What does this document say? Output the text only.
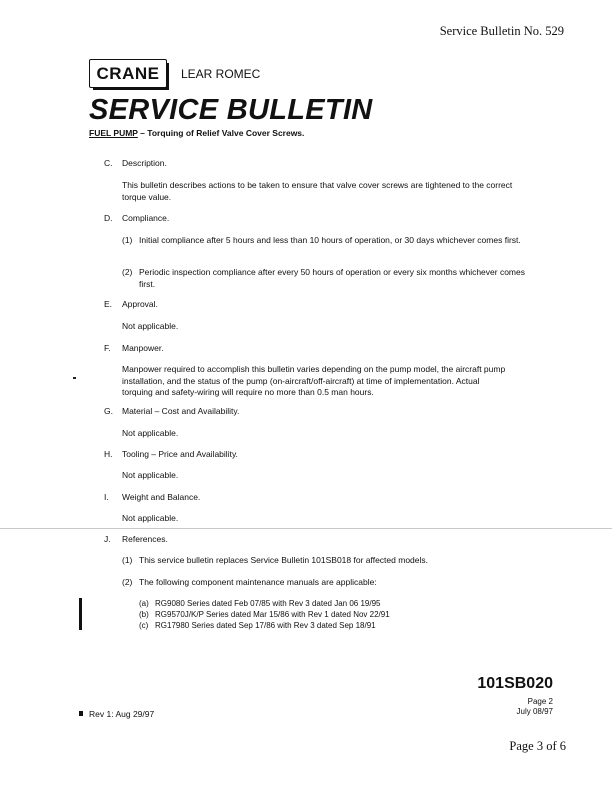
Service Bulletin No. 529
CRANE	LEAR ROMEC
SERVICE BULLETIN
FUEL PUMP – Torquing of Relief Valve Cover Screws.
C. Description.
This bulletin describes actions to be taken to ensure that valve cover screws are tightened to the correct torque value.
D. Compliance.
(1) Initial compliance after 5 hours and less than 10 hours of operation, or 30 days whichever comes first.
(2) Periodic inspection compliance after every 50 hours of operation or every six months whichever comes first.
E. Approval.
Not applicable.
F. Manpower.
Manpower required to accomplish this bulletin varies depending on the pump model, the aircraft pump installation, and the status of the pump (on-aircraft/off-aircraft) at time of implementation. Actual torquing and safety-wiring will require no more than 0.5 man hours.
G. Material – Cost and Availability.
Not applicable.
H. Tooling – Price and Availability.
Not applicable.
I. Weight and Balance.
Not applicable.
J. References.
(1) This service bulletin replaces Service Bulletin 101SB018 for affected models.
(2) The following component maintenance manuals are applicable:
(a) RG9080 Series dated Feb 07/85 with Rev 3 dated Jan 06 19/95
(b) RG9570J/K/P Series dated Mar 15/86 with Rev 1 dated Nov 22/91
(c) RG17980 Series dated Sep 17/86 with Rev 3 dated Sep 18/91
101SB020
Page 2
July 08/97
Rev 1: Aug 29/97
Page 3 of 6
